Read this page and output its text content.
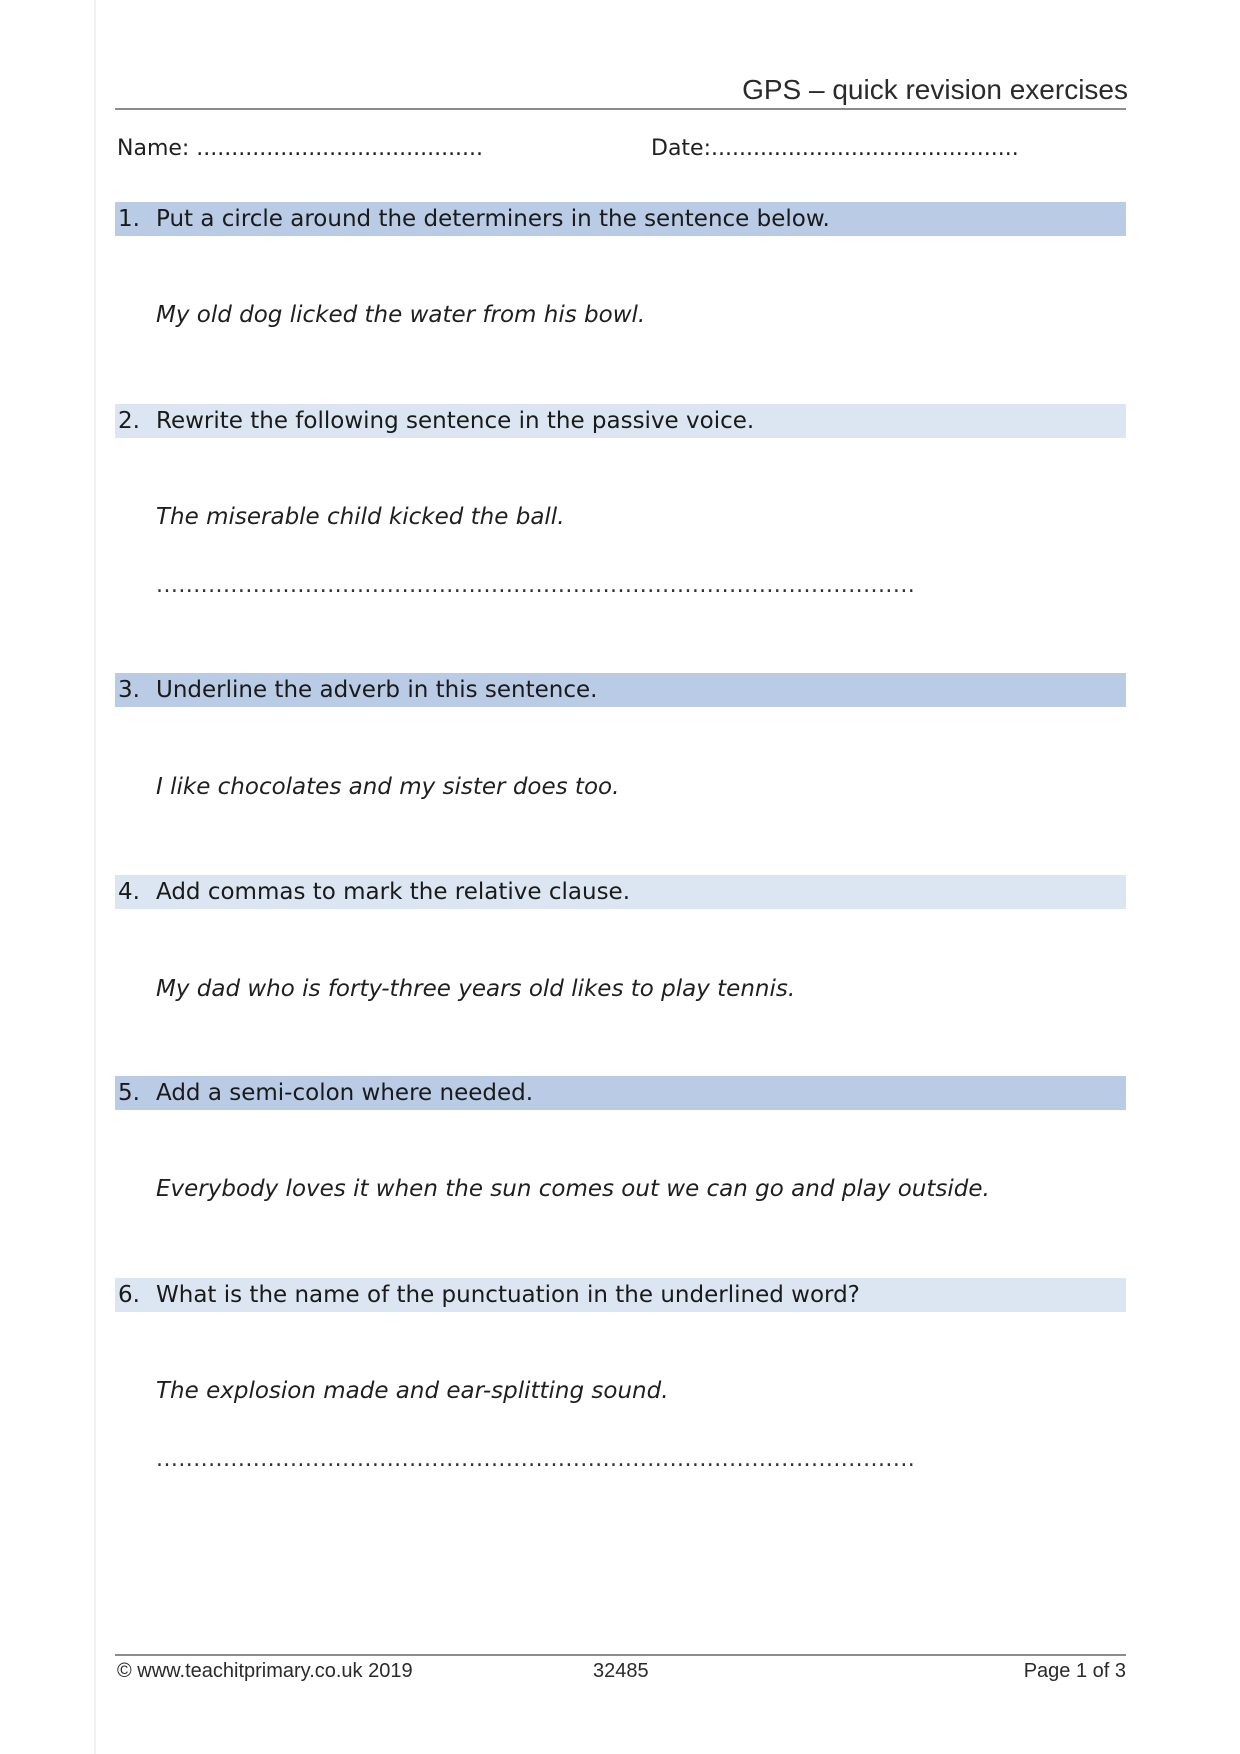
GPS – quick revision exercises
Name: .........................................	Date:............................................
1. Put a circle around the determiners in the sentence below.
My old dog licked the water from his bowl.
2. Rewrite the following sentence in the passive voice.
The miserable child kicked the ball.
......................................................................................................
3. Underline the adverb in this sentence.
I like chocolates and my sister does too.
4. Add commas to mark the relative clause.
My dad who is forty-three years old likes to play tennis.
5. Add a semi-colon where needed.
Everybody loves it when the sun comes out we can go and play outside.
6. What is the name of the punctuation in the underlined word?
The explosion made and ear-splitting sound.
......................................................................................................
© www.teachitprimary.co.uk 2019	32485	Page 1 of 3
